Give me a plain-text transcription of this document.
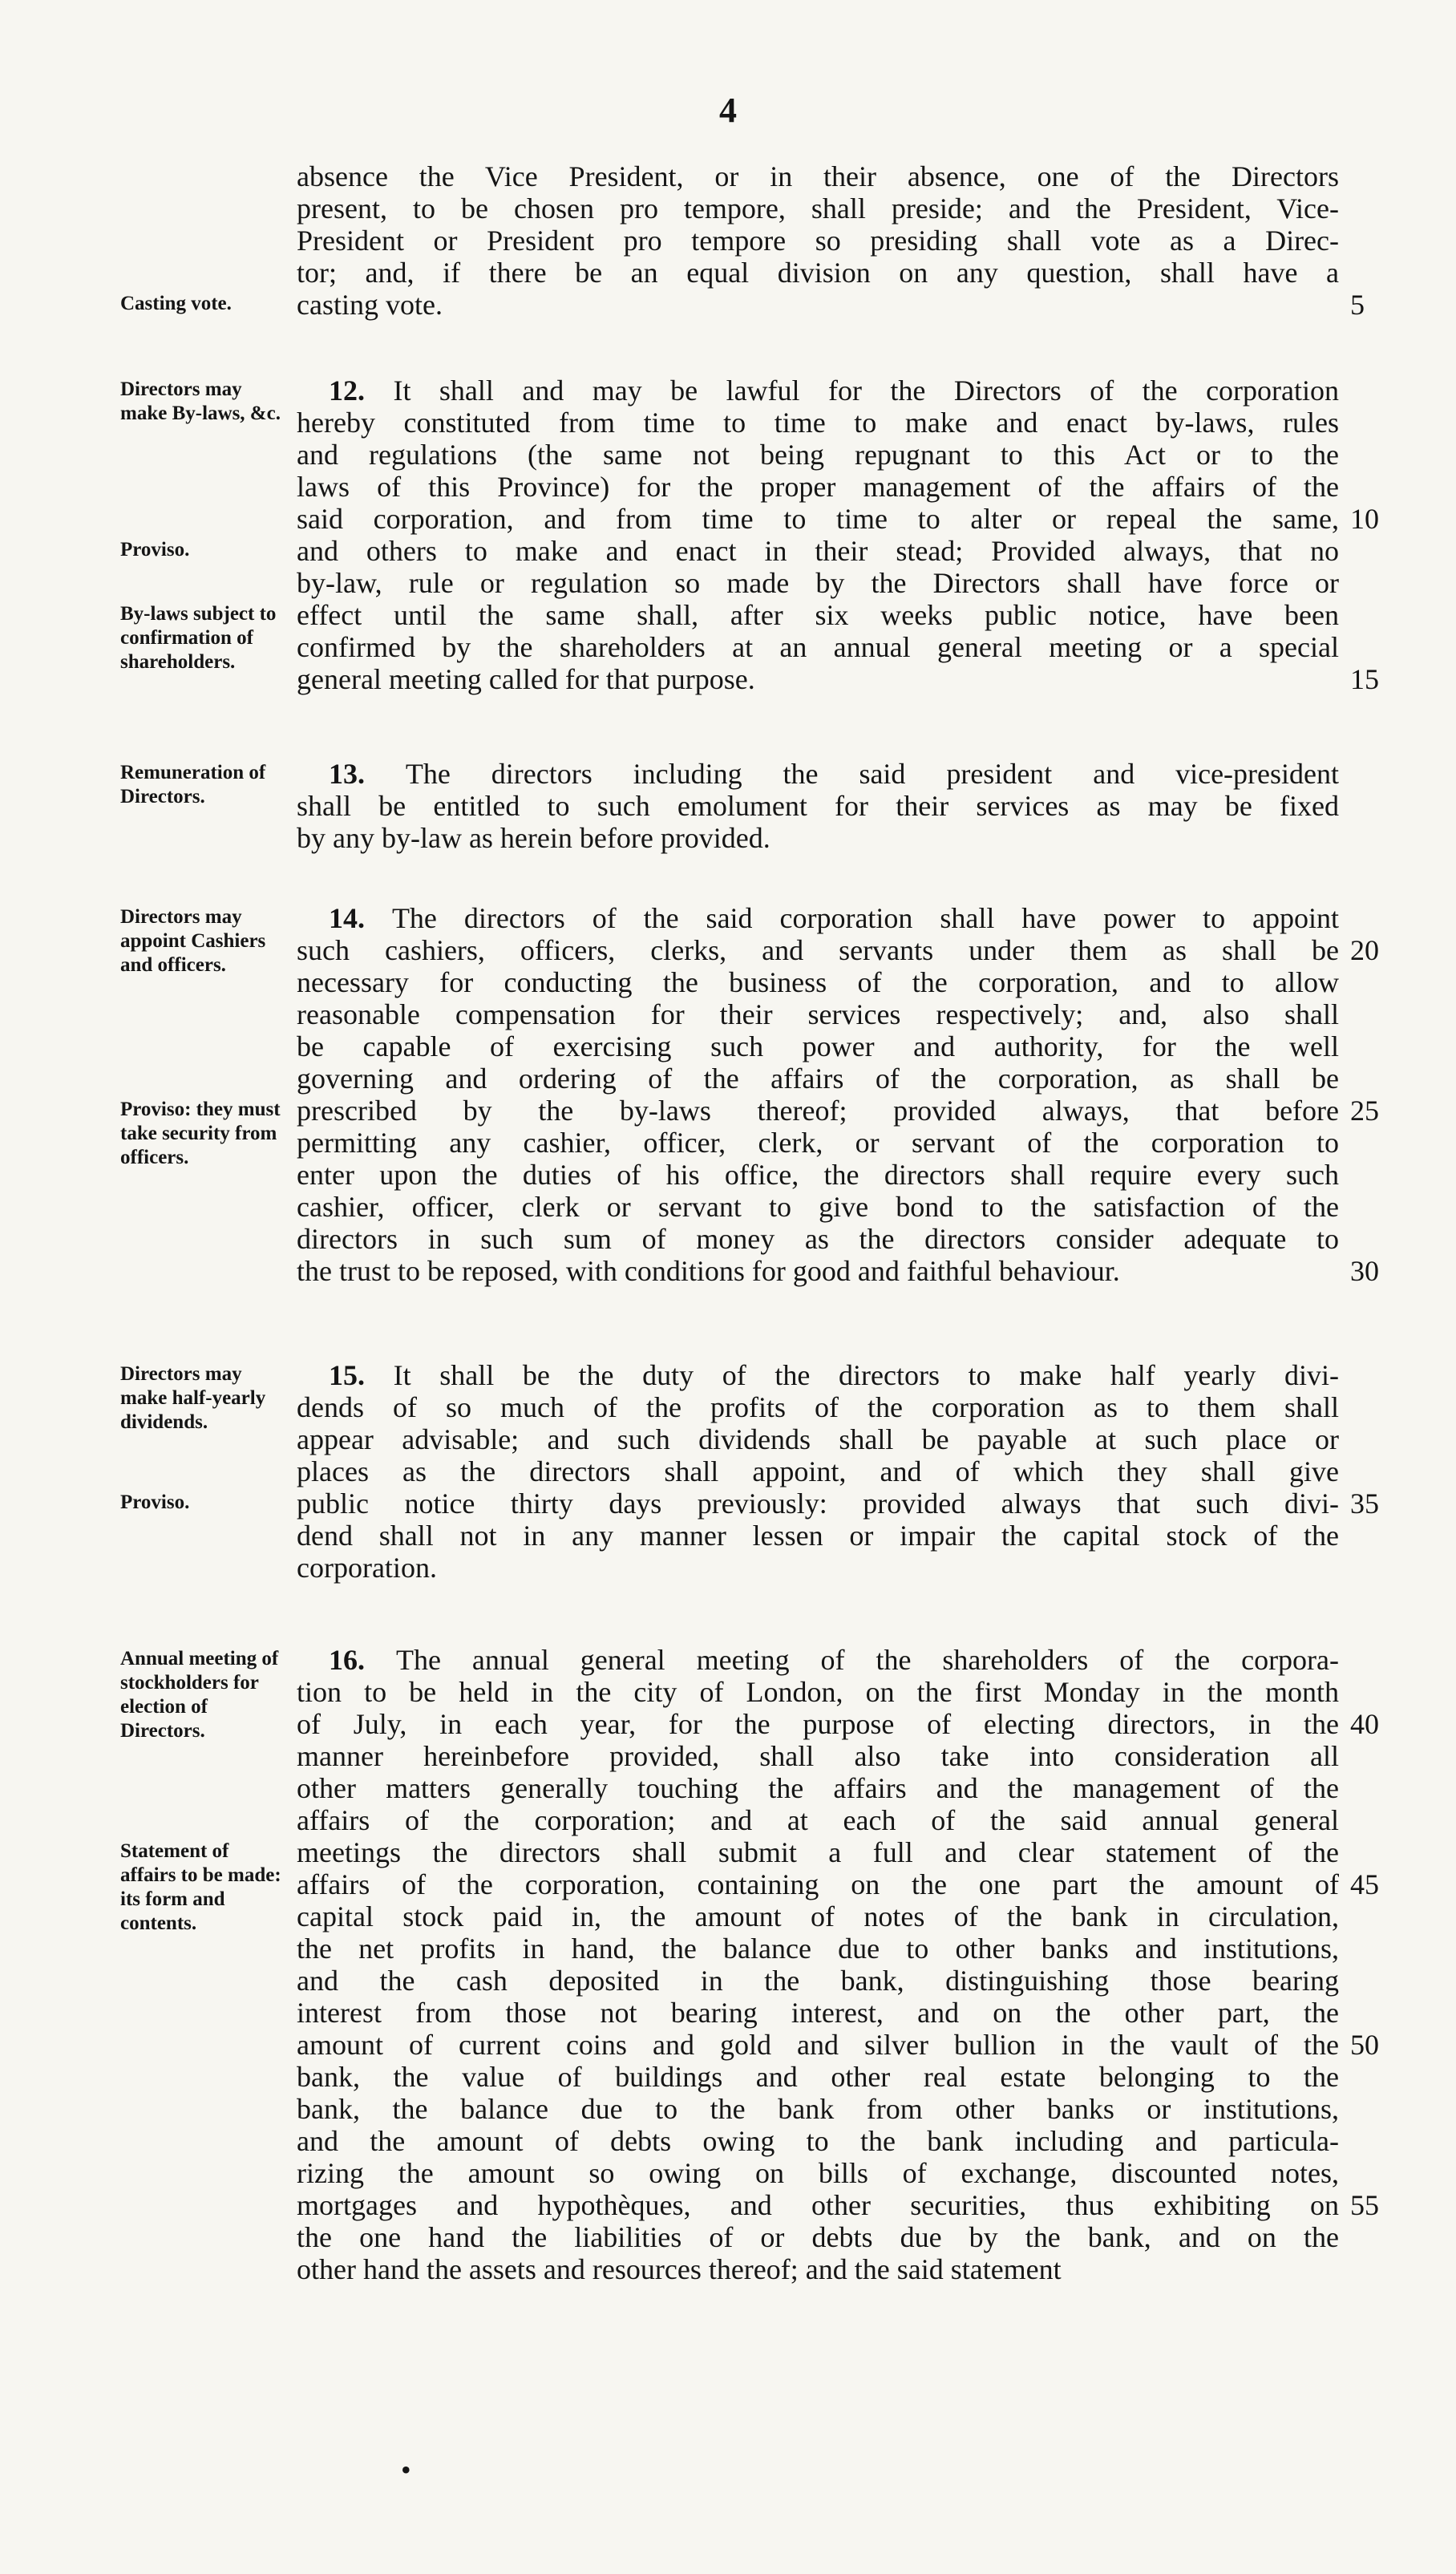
4
absence the Vice President, or in their absence, one of the Directors
present, to be chosen pro tempore, shall preside; and the President, Vice-
President or President pro tempore so presiding shall vote as a Direc-
tor; and, if there be an equal division on any question, shall have a
casting vote.
Casting vote.	5
12. It shall and may be lawful for the Directors of the corporation
hereby constituted from time to time to make and enact by-laws, rules
and regulations (the same not being repugnant to this Act or to the
laws of this Province) for the proper management of the affairs of the
said corporation, and from time to time to alter or repeal the same,
and others to make and enact in their stead; Provided always, that no
by-law, rule or regulation so made by the Directors shall have force or
effect until the same shall, after six weeks public notice, have been
confirmed by the shareholders at an annual general meeting or a special
general meeting called for that purpose.
Directors may make By-laws, &c.
Proviso.
By-laws subject to confirmation of shareholders.
10
15
13. The directors including the said president and vice-president
shall be entitled to such emolument for their services as may be fixed
by any by-law as herein before provided.
Remuneration of Directors.
14. The directors of the said corporation shall have power to appoint
such cashiers, officers, clerks, and servants under them as shall be
necessary for conducting the business of the corporation, and to allow
reasonable compensation for their services respectively; and, also shall
be capable of exercising such power and authority, for the well
governing and ordering of the affairs of the corporation, as shall be
prescribed by the by-laws thereof; provided always, that before
permitting any cashier, officer, clerk, or servant of the corporation to
enter upon the duties of his office, the directors shall require every such
cashier, officer, clerk or servant to give bond to the satisfaction of the
directors in such sum of money as the directors consider adequate to
the trust to be reposed, with conditions for good and faithful behaviour.
Directors may appoint Cashiers and officers.
Proviso: they must take security from officers.
20
25
30
15. It shall be the duty of the directors to make half yearly divi-
dends of so much of the profits of the corporation as to them shall
appear advisable; and such dividends shall be payable at such place or
places as the directors shall appoint, and of which they shall give
public notice thirty days previously: provided always that such divi-
dend shall not in any manner lessen or impair the capital stock of the
corporation.
Directors may make half-yearly dividends.
Proviso.	35
16. The annual general meeting of the shareholders of the corpora-
tion to be held in the city of London, on the first Monday in the month
of July, in each year, for the purpose of electing directors, in the
manner hereinbefore provided, shall also take into consideration all
other matters generally touching the affairs and the management of the
affairs of the corporation; and at each of the said annual general
meetings the directors shall submit a full and clear statement of the
affairs of the corporation, containing on the one part the amount of
capital stock paid in, the amount of notes of the bank in circulation,
the net profits in hand, the balance due to other banks and institutions,
and the cash deposited in the bank, distinguishing those bearing
interest from those not bearing interest, and on the other part, the
amount of current coins and gold and silver bullion in the vault of the
bank, the value of buildings and other real estate belonging to the
bank, the balance due to the bank from other banks or institutions,
and the amount of debts owing to the bank including and particula-
rizing the amount so owing on bills of exchange, discounted notes,
mortgages and hypothèques, and other securities, thus exhibiting on
the one hand the liabilities of or debts due by the bank, and on the
other hand the assets and resources thereof; and the said statement
Annual meeting of stockholders for election of Directors.
Statement of affairs to be made: its form and contents.
40
45
50
55
•
